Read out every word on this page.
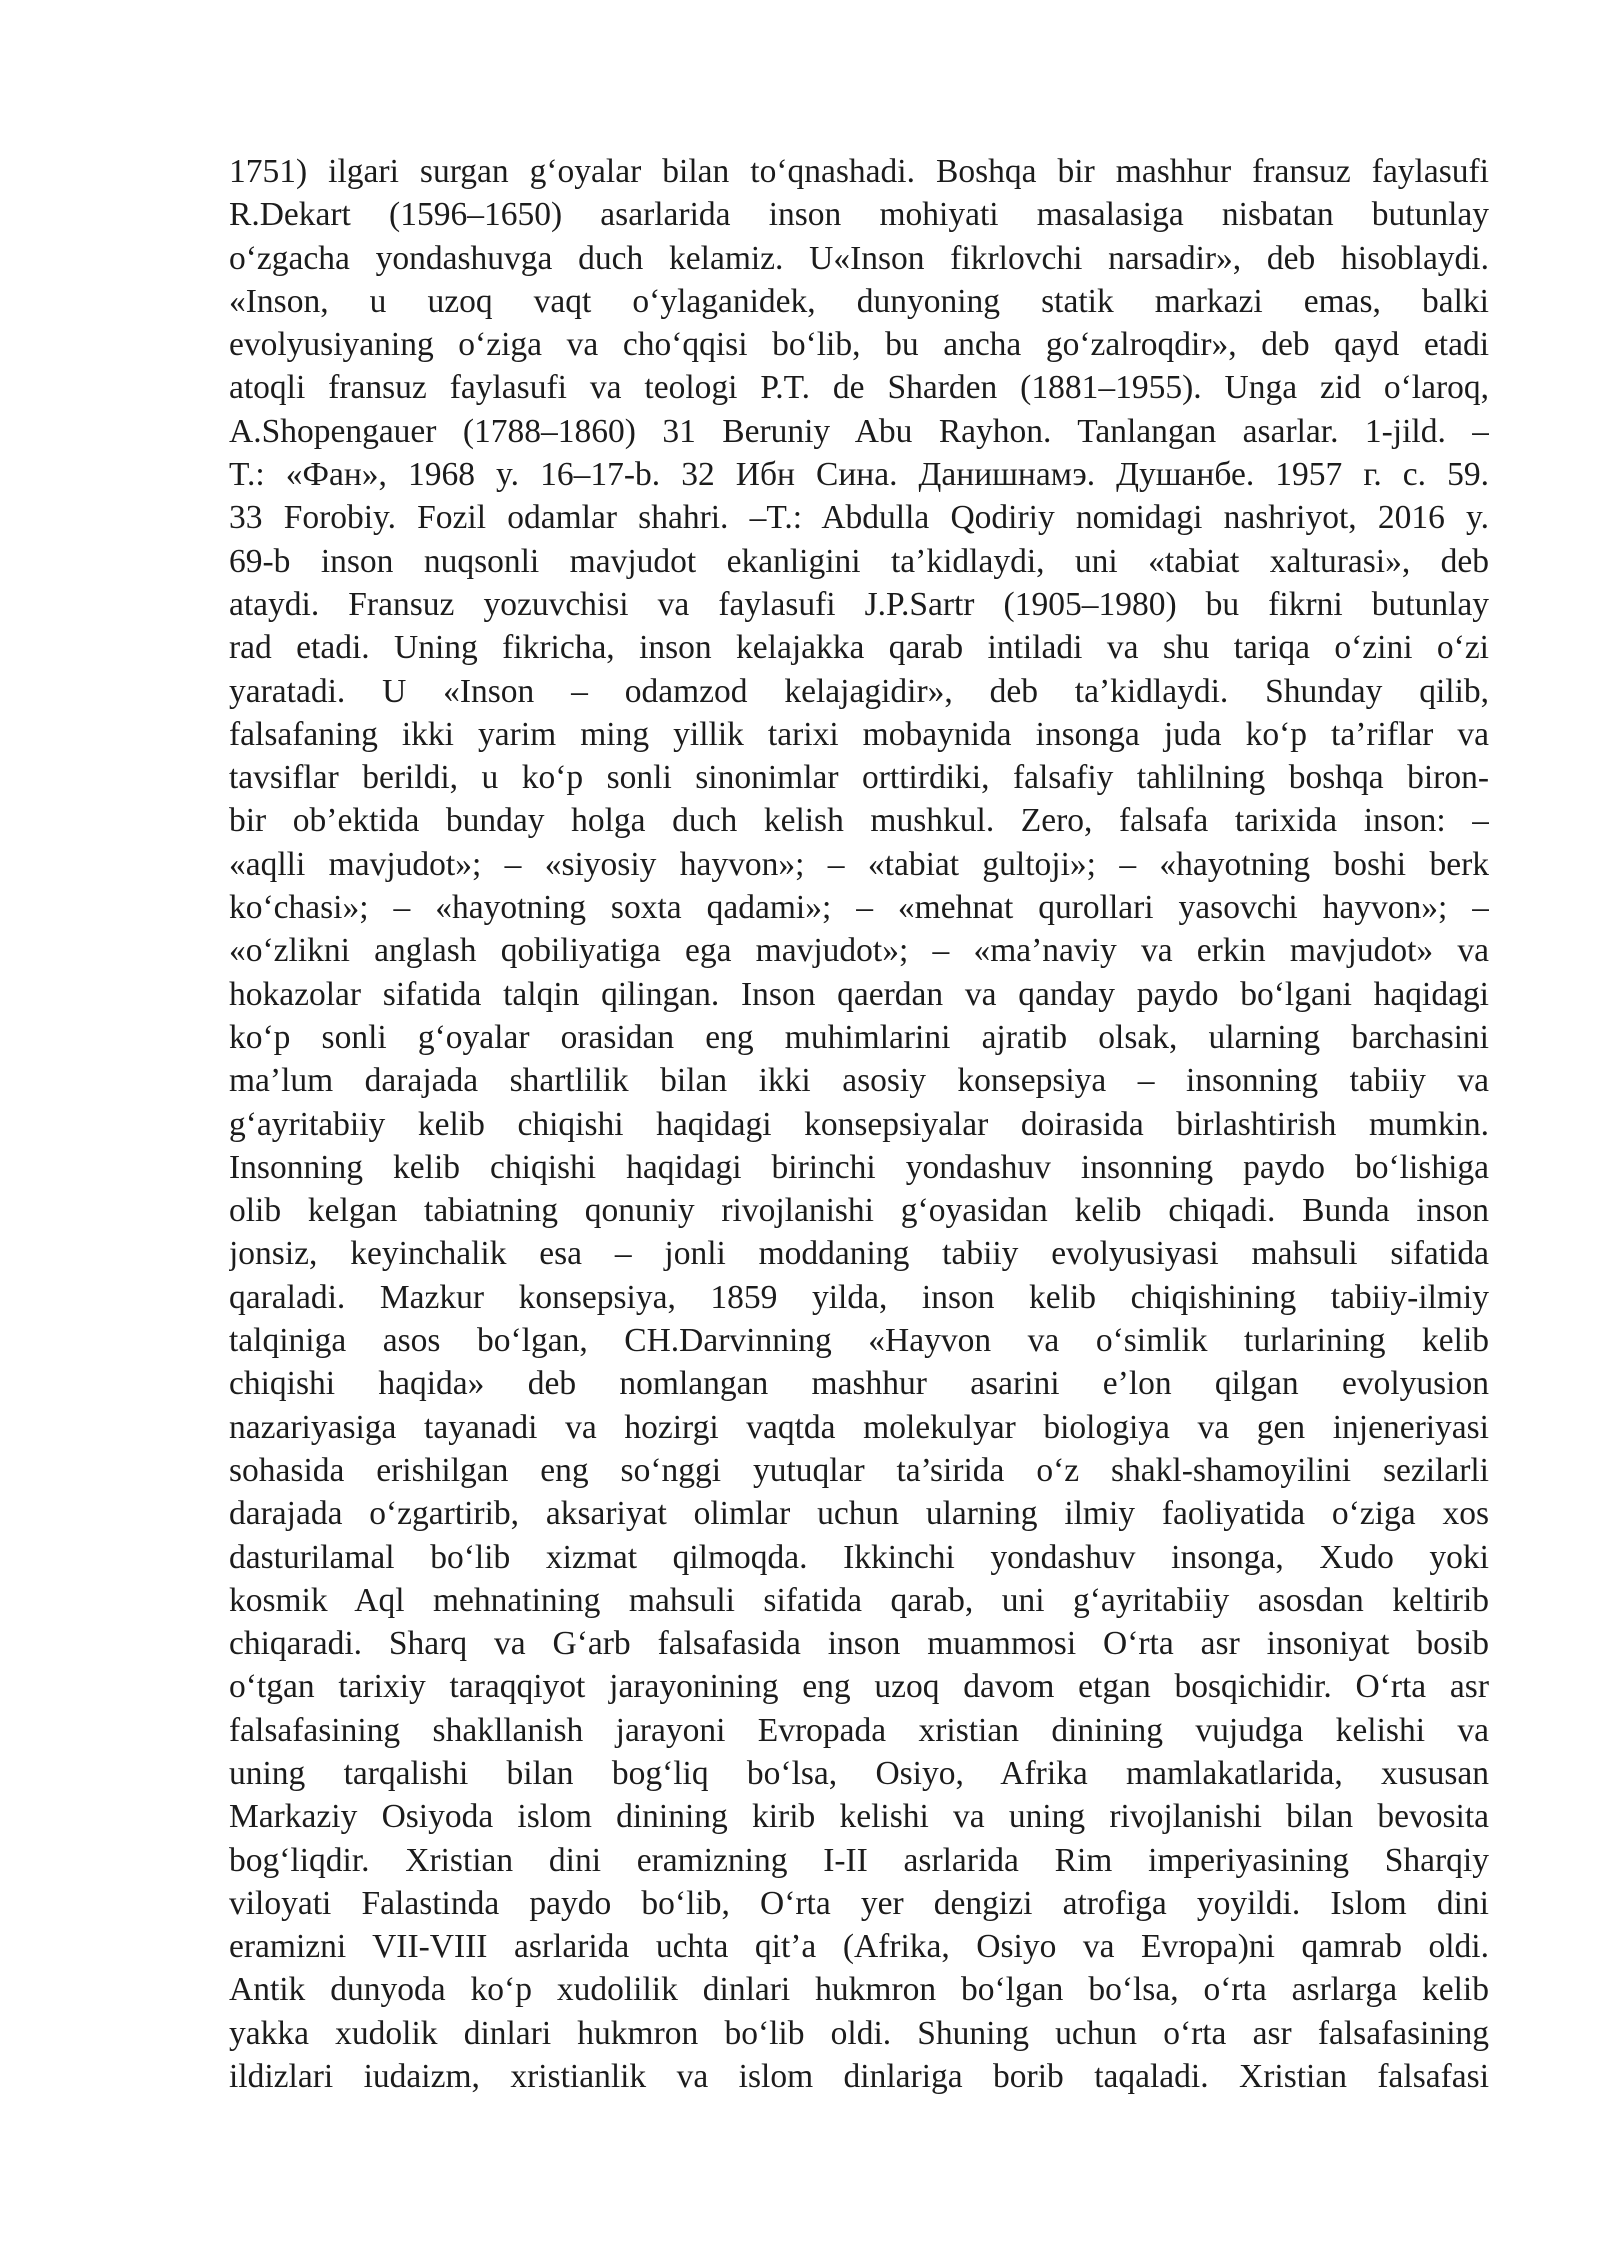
1751) ilgari surgan g‘oyalar bilan to‘qnashadi. Boshqa bir mashhur fransuz faylasufi
R.Dekart (1596–1650) asarlarida inson mohiyati masalasiga nisbatan butunlay
o‘zgacha yondashuvga duch kelamiz. U«Inson fikrlovchi narsadir», deb hisoblaydi.
«Inson, u uzoq vaqt o‘ylaganidek, dunyoning statik markazi emas, balki
evolyusiyaning o‘ziga va cho‘qqisi bo‘lib, bu ancha go‘zalroqdir», deb qayd etadi
atoqli fransuz faylasufi va teologi P.T. de Sharden (1881–1955). Unga zid o‘laroq,
A.Shopengauer (1788–1860) 31 Beruniy Abu Rayhon. Tanlangan asarlar. 1-jild. –
T.: «Фан», 1968 y. 16–17-b. 32 Ибн Сина. Данишнамэ. Душанбе. 1957 г. с. 59.
33 Forobiy. Fozil odamlar shahri. –T.: Abdulla Qodiriy nomidagi nashriyot, 2016 y.
69-b inson nuqsonli mavjudot ekanligini ta’kidlaydi, uni «tabiat xalturasi», deb
ataydi. Fransuz yozuvchisi va faylasufi J.P.Sartr (1905–1980) bu fikrni butunlay
rad etadi. Uning fikricha, inson kelajakka qarab intiladi va shu tariqa o‘zini o‘zi
yaratadi. U «Inson – odamzod kelajagidir», deb ta’kidlaydi. Shunday qilib,
falsafaning ikki yarim ming yillik tarixi mobaynida insonga juda ko‘p ta’riflar va
tavsiflar berildi, u ko‘p sonli sinonimlar orttirdiki, falsafiy tahlilning boshqa biron-
bir ob’ektida bunday holga duch kelish mushkul. Zero, falsafa tarixida inson: –
«aqlli mavjudot»; – «siyosiy hayvon»; – «tabiat gultoji»; – «hayotning boshi berk
ko‘chasi»; – «hayotning soxta qadami»; – «mehnat qurollari yasovchi hayvon»; –
«o‘zlikni anglash qobiliyatiga ega mavjudot»; – «ma’naviy va erkin mavjudot» va
hokazolar sifatida talqin qilingan. Inson qaerdan va qanday paydo bo‘lgani haqidagi
ko‘p sonli g‘oyalar orasidan eng muhimlarini ajratib olsak, ularning barchasini
ma’lum darajada shartlilik bilan ikki asosiy konsepsiya – insonning tabiiy va
g‘ayritabiiy kelib chiqishi haqidagi konsepsiyalar doirasida birlashtirish mumkin.
Insonning kelib chiqishi haqidagi birinchi yondashuv insonning paydo bo‘lishiga
olib kelgan tabiatning qonuniy rivojlanishi g‘oyasidan kelib chiqadi. Bunda inson
jonsiz, keyinchalik esa – jonli moddaning tabiiy evolyusiyasi mahsuli sifatida
qaraladi. Mazkur konsepsiya, 1859 yilda, inson kelib chiqishining tabiiy-ilmiy
talqiniga asos bo‘lgan, CH.Darvinning «Hayvon va o‘simlik turlarining kelib
chiqishi haqida» deb nomlangan mashhur asarini e’lon qilgan evolyusion
nazariyasiga tayanadi va hozirgi vaqtda molekulyar biologiya va gen injeneriyasi
sohasida erishilgan eng so‘nggi yutuqlar ta’sirida o‘z shakl-shamoyilini sezilarli
darajada o‘zgartirib, aksariyat olimlar uchun ularning ilmiy faoliyatida o‘ziga xos
dasturilamal bo‘lib xizmat qilmoqda. Ikkinchi yondashuv insonga, Xudo yoki
kosmik Aql mehnatining mahsuli sifatida qarab, uni g‘ayritabiiy asosdan keltirib
chiqaradi. Sharq va G‘arb falsafasida inson muammosi O‘rta asr insoniyat bosib
o‘tgan tarixiy taraqqiyot jarayonining eng uzoq davom etgan bosqichidir. O‘rta asr
falsafasining shakllanish jarayoni Evropada xristian dinining vujudga kelishi va
uning tarqalishi bilan bog‘liq bo‘lsa, Osiyo, Afrika mamlakatlarida, xususan
Markaziy Osiyoda islom dinining kirib kelishi va uning rivojlanishi bilan bevosita
bog‘liqdir. Xristian dini eramizning I-II asrlarida Rim imperiyasining Sharqiy
viloyati Falastinda paydo bo‘lib, O‘rta yer dengizi atrofiga yoyildi. Islom dini
eramizni VII-VIII asrlarida uchta qit’a (Afrika, Osiyo va Evropa)ni qamrab oldi.
Antik dunyoda ko‘p xudolilik dinlari hukmron bo‘lgan bo‘lsa, o‘rta asrlarga kelib
yakka xudolik dinlari hukmron bo‘lib oldi. Shuning uchun o‘rta asr falsafasining
ildizlari iudaizm, xristianlik va islom dinlariga borib taqaladi. Xristian falsafasi
